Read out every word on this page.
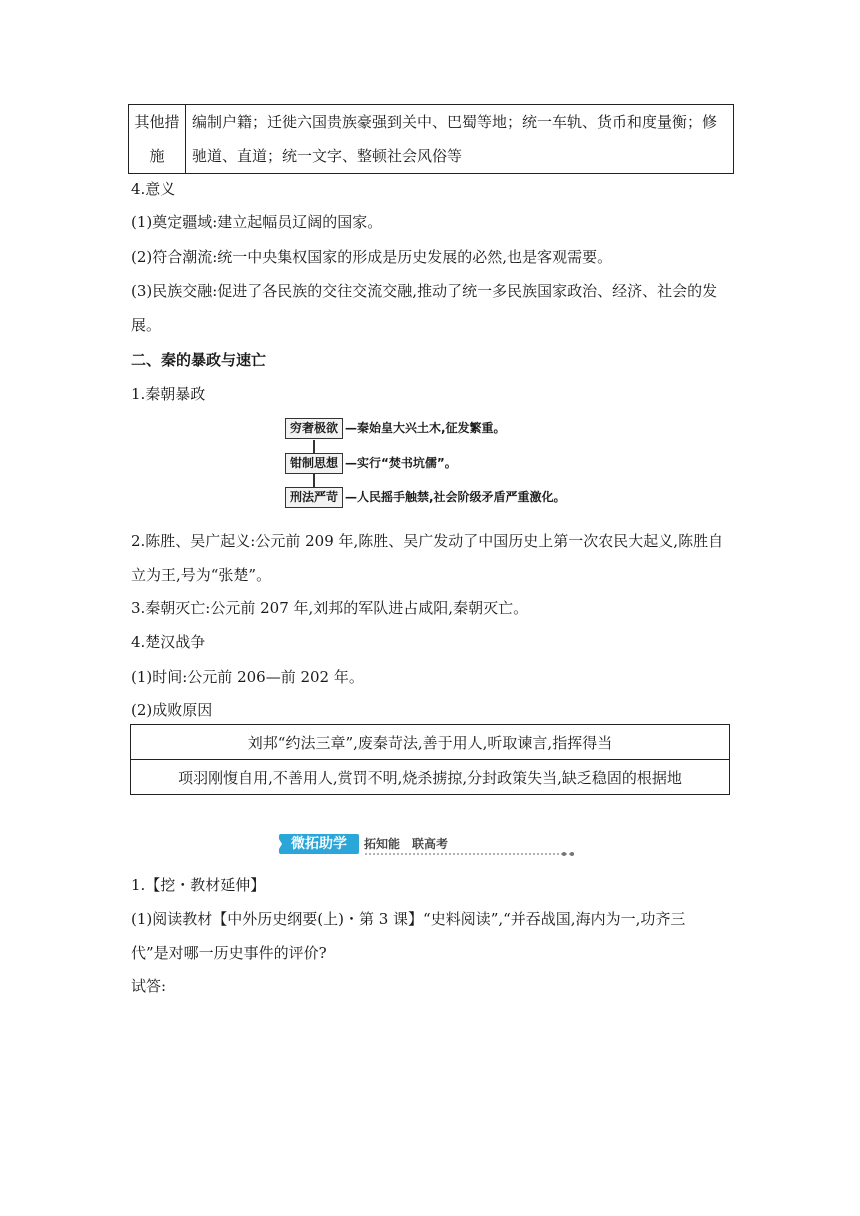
其他措
施

编制户籍；迁徙六国贵族豪强到关中、巴蜀等地；统一车轨、货币和度量衡；修
驰道、直道；统一文字、整顿社会风俗等
4.意义
(1)奠定疆域:建立起幅员辽阔的国家。
(2)符合潮流:统一中央集权国家的形成是历史发展的必然,也是客观需要。
(3)民族交融:促进了各民族的交往交流交融,推动了统一多民族国家政治、经济、社会的发
展。
二、秦的暴政与速亡
1.秦朝暴政
穷奢极欲 —秦始皇大兴土木,征发繁重。
钳制思想 —实行“焚书坑儒”。
刑法严苛 —人民摇手触禁,社会阶级矛盾严重激化。
2.陈胜、吴广起义:公元前 209 年,陈胜、吴广发动了中国历史上第一次农民大起义,陈胜自
立为王,号为“张楚”。
3.秦朝灭亡:公元前 207 年,刘邦的军队进占咸阳,秦朝灭亡。
4.楚汉战争
(1)时间:公元前 206—前 202 年。
(2)成败原因
刘邦“约法三章”,废秦苛法,善于用人,听取谏言,指挥得当
项羽刚愎自用,不善用人,赏罚不明,烧杀掳掠,分封政策失当,缺乏稳固的根据地
微拓助学	拓知能　联高考
1.【挖・教材延伸】
(1)阅读教材【中外历史纲要(上)・第 3 课】“史料阅读”,“并吞战国,海内为一,功齐三
代”是对哪一历史事件的评价?
试答:
